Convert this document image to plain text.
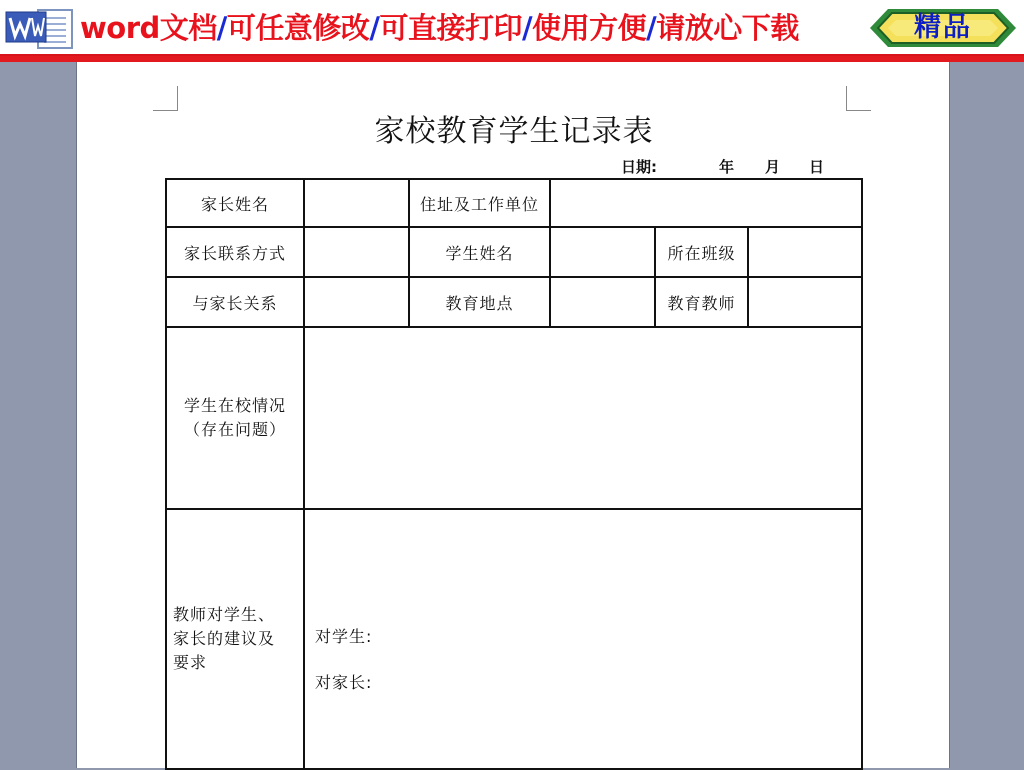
word文档/可任意修改/可直接打印/使用方便/请放心下载	精品
家校教育学生记录表
日期:	年 月 日
家长姓名		住址及工作单位			
家长联系方式		学生姓名		所在班级	
与家长关系		教育地点		教育教师	

学生在校情况
（存在问题）					

教师对学生、
家长的建议及
要求	对学生:
对家长:				
